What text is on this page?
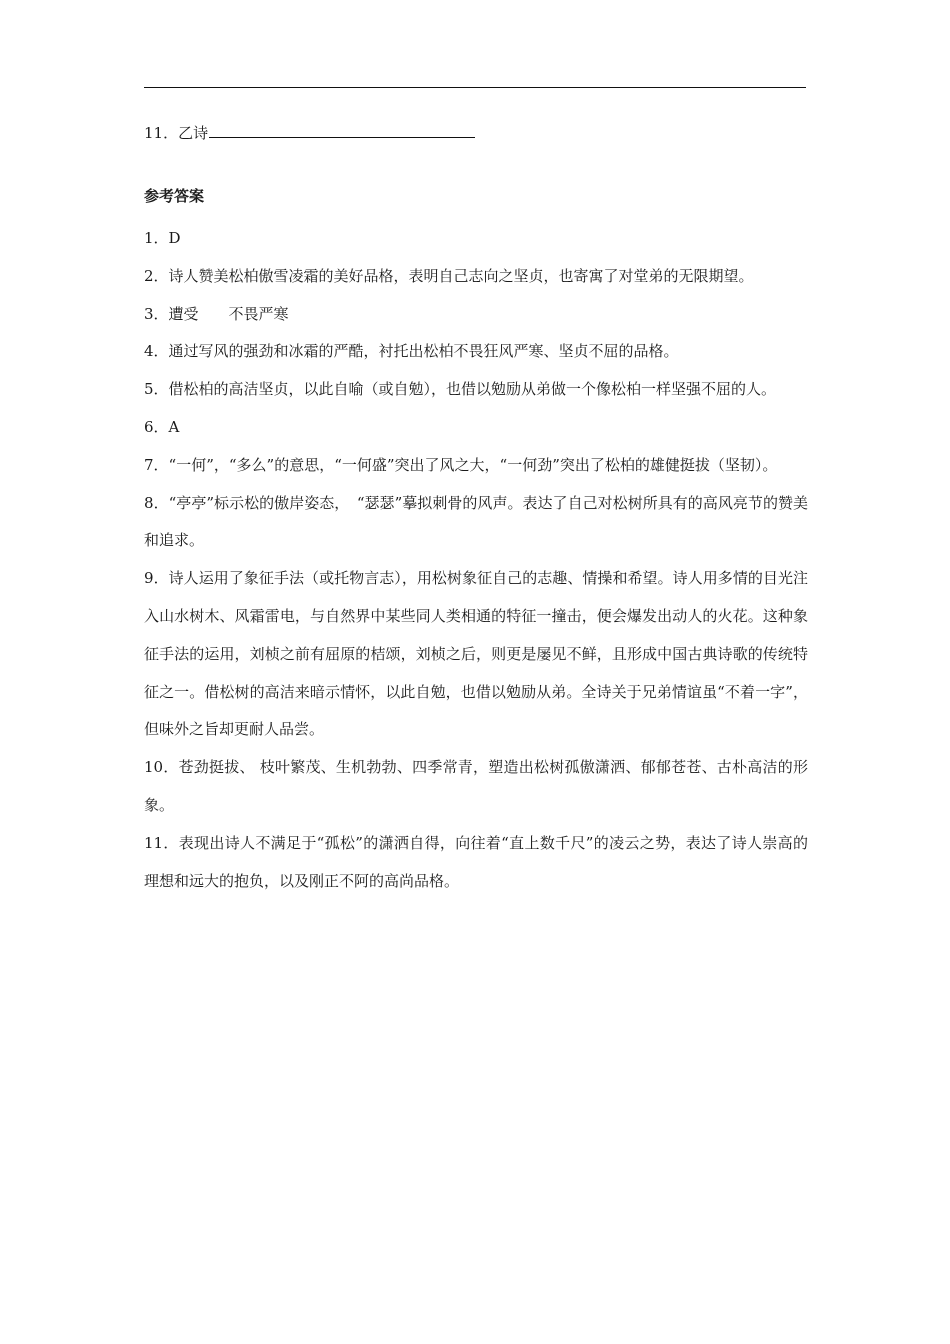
11．乙诗
参考答案
1．D
2．诗人赞美松柏傲雪凌霜的美好品格，表明自己志向之坚贞，也寄寓了对堂弟的无限期望。
3．遭受　　不畏严寒
4．通过写风的强劲和冰霜的严酷，衬托出松柏不畏狂风严寒、坚贞不屈的品格。
5．借松柏的高洁坚贞，以此自喻（或自勉），也借以勉励从弟做一个像松柏一样坚强不屈的人。
6．A
7．“一何”，“多么”的意思，“一何盛”突出了风之大，“一何劲”突出了松柏的雄健挺拔（坚韧）。
8．“亭亭”标示松的傲岸姿态，　“瑟瑟”摹拟刺骨的风声。表达了自己对松树所具有的高风亮节的赞美和追求。
9．诗人运用了象征手法（或托物言志），用松树象征自己的志趣、情操和希望。诗人用多情的目光注入山水树木、风霜雷电，与自然界中某些同人类相通的特征一撞击，便会爆发出动人的火花。这种象征手法的运用，刘桢之前有屈原的桔颂，刘桢之后，则更是屡见不鲜，且形成中国古典诗歌的传统特征之一。借松树的高洁来暗示情怀，以此自勉，也借以勉励从弟。全诗关于兄弟情谊虽“不着一字”，但味外之旨却更耐人品尝。
10．苍劲挺拔、 枝叶繁茂、生机勃勃、四季常青，塑造出松树孤傲潇洒、郁郁苍苍、古朴高洁的形象。
11．表现出诗人不满足于“孤松”的潇洒自得，向往着“直上数千尺”的凌云之势，表达了诗人崇高的理想和远大的抱负，以及刚正不阿的高尚品格。
